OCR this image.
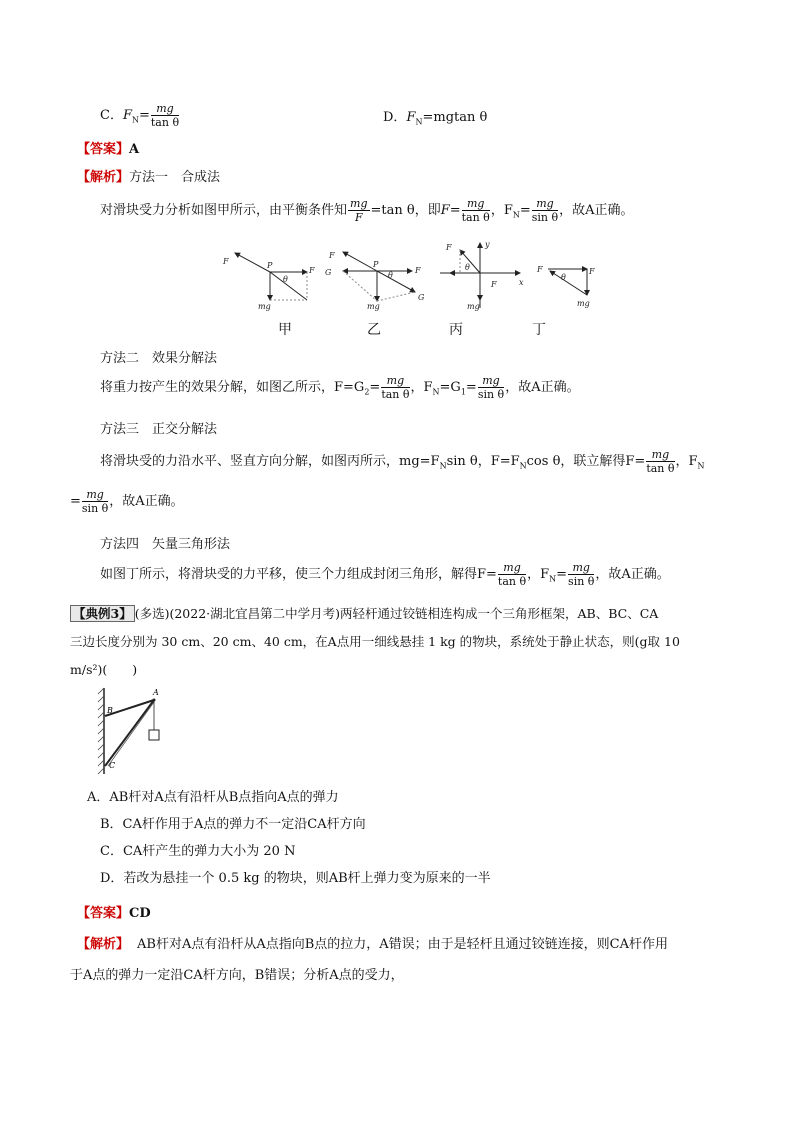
C．$F_N= \frac{mg}{\text{tan θ}}$	D．$F_N=mgtan$ θ
【答案】A
【解析】方法一　合成法
对滑块受力分析如图甲所示，由平衡条件知 $\frac{mg}{F} =\tan$ θ，即$F= \frac{mg}{\text{tan θ}}$ ，$F_N= \frac{mg}{\text{sin θ}}$ ，故A正确。
F	P
F
mg
θ
F
P
F
G
G
mg
θ
F	y
x
F
mg
θ	F	F
mg
θ
甲	乙	丙	丁
方法二　效果分解法
将重力按产生的效果分解，如图乙所示，$F=G_2= \frac{mg}{\text{tan θ}}$ ，$F_N=G_1= \frac{mg}{\text{sin θ}}$ ，故A正确。
方法三　正交分解法
将滑块受的力沿水平、竖直方向分解，如图丙所示，$mg=F_N\sin$ θ，$F=F_N\cos$ θ，联立解得$F= \frac{mg}{\text{tan θ}}$ ，$F_N$
= $\frac{mg}{\text{sin θ}}$ ，故A正确。
方法四　矢量三角形法
如图丁所示，将滑块受的力平移，使三个力组成封闭三角形，解得$F= \frac{mg}{\text{tan θ}}$ ，$F_N= \frac{mg}{\text{sin θ}}$ ，故A正确。
【典例3】 (多选)(2022·湖北宜昌第二中学月考)两轻杆通过铰链相连构成一个三角形框架，AB、BC、CA
三边长度分别为 30 cm、20 cm、40 cm，在A点用一细线悬挂 1 kg 的物块，系统处于静止状态，则(g取 10
m/s²)(　　)
A
B
C
A．AB杆对A点有沿杆从B点指向A点的弹力
B．CA杆作用于A点的弹力不一定沿CA杆方向
C．CA杆产生的弹力大小为 20 N
D．若改为悬挂一个 0.5 kg 的物块，则AB杆上弹力变为原来的一半
【答案】CD
【解析】 AB杆对A点有沿杆从A点指向B点的拉力，A错误；由于是轻杆且通过铰链连接，则CA杆作用
于A点的弹力一定沿CA杆方向，B错误；分析A点的受力，
